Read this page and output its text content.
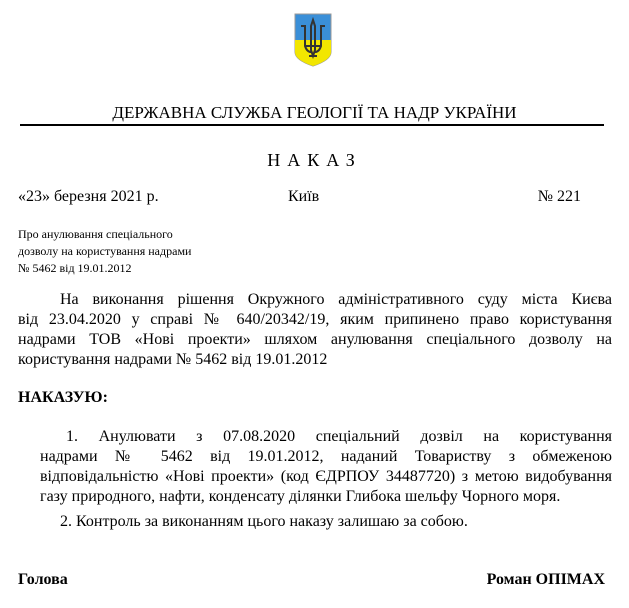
ДЕРЖАВНА СЛУЖБА ГЕОЛОГІЇ ТА НАДР УКРАЇНИ
НАКАЗ
«23» березня 2021 р.	Київ	№ 221
Про анулювання спеціального
дозволу на користування надрами
№ 5462 від 19.01.2012
На виконання рішення Окружного адміністративного суду міста Києва
від 23.04.2020 у справі № 640/20342/19, яким припинено право користування
надрами ТОВ «Нові проекти» шляхом анулювання спеціального дозволу на
користування надрами № 5462 від 19.01.2012
НАКАЗУЮ:
1. Анулювати з 07.08.2020 спеціальний дозвіл на користування
надрами № 5462 від 19.01.2012, наданий Товариству з обмеженою
відповідальністю «Нові проекти» (код ЄДРПОУ 34487720) з метою видобування
газу природного, нафти, конденсату ділянки Глибока шельфу Чорного моря.
2. Контроль за виконанням цього наказу залишаю за собою.
Голова	Роман ОПІМАХ
